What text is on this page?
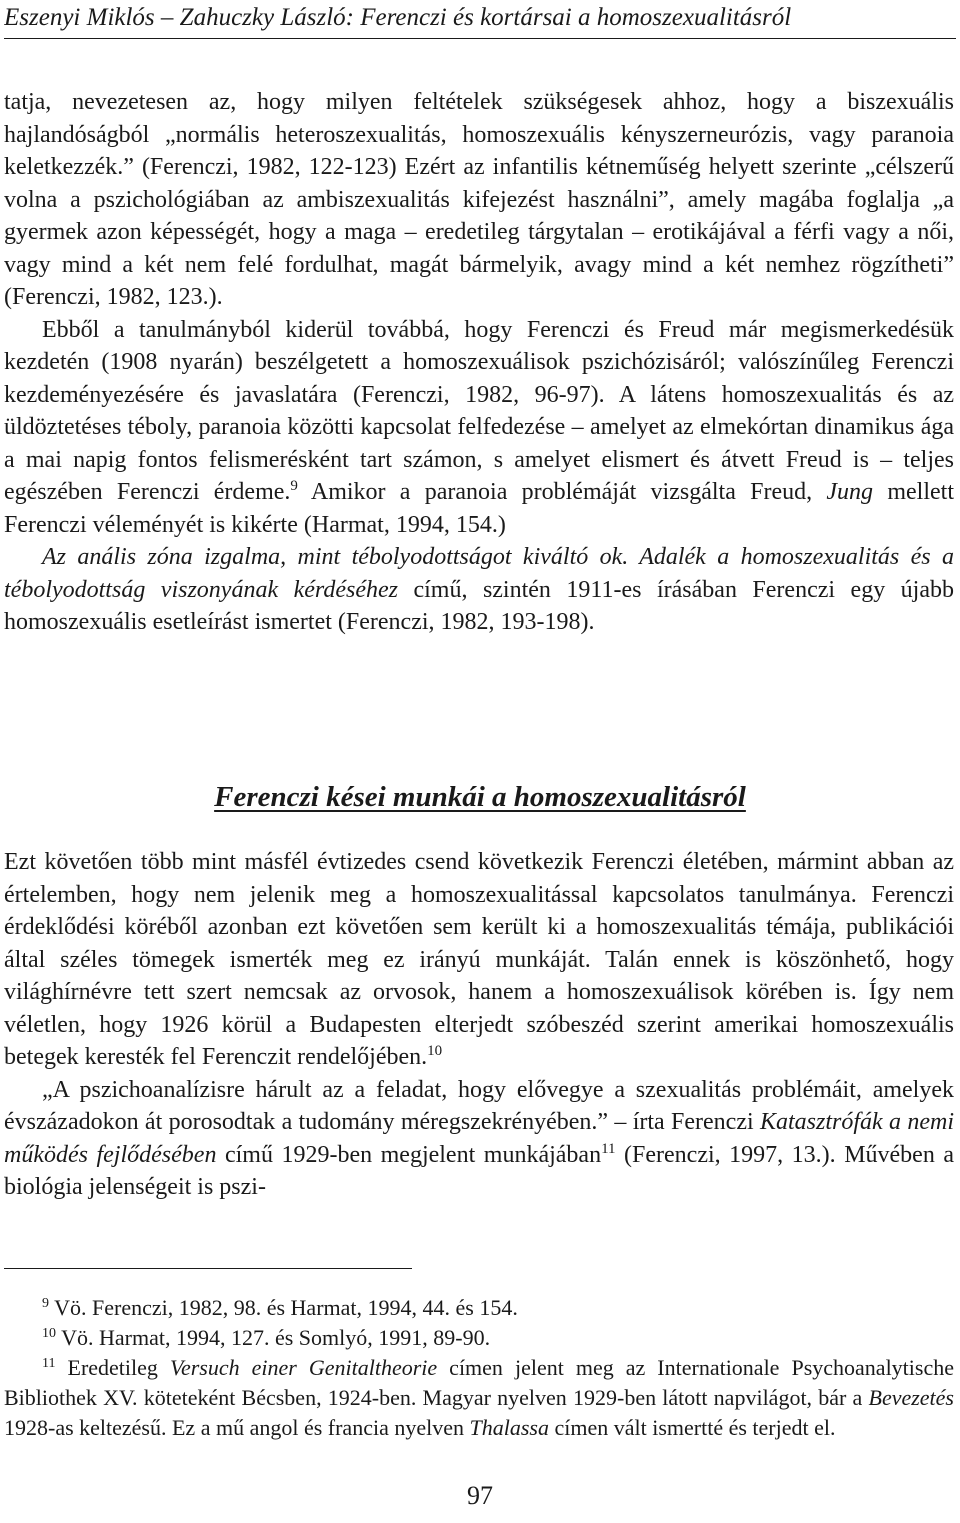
Eszenyi Miklós – Zahuczky László: Ferenczi és kortársai a homoszexualitásról

tatja, nevezetesen az, hogy milyen feltételek szükségesek ahhoz, hogy a biszexuális hajlandóságból „normális heteroszexualitás, homoszexuális kényszerneurózis, vagy paranoia keletkezzék.” (Ferenczi, 1982, 122-123) Ezért az infantilis kétneműség helyett szerinte „célszerű volna a pszichológiában az ambiszexualitás kifejezést használni”, amely magába foglalja „a gyermek azon képességét, hogy a maga – eredetileg tárgytalan – erotikájával a férfi vagy a női, vagy mind a két nem felé fordulhat, magát bármelyik, avagy mind a két nemhez rögzítheti” (Ferenczi, 1982, 123.).

Ebből a tanulmányból kiderül továbbá, hogy Ferenczi és Freud már megismerkedésük kezdetén (1908 nyarán) beszélgetett a homoszexuálisok pszichózisáról; valószínűleg Ferenczi kezdeményezésére és javaslatára (Ferenczi, 1982, 96-97). A látens homoszexualitás és az üldöztetéses téboly, paranoia közötti kapcsolat felfedezése – amelyet az elmekórtan dinamikus ága a mai napig fontos felismerésként tart számon, s amelyet elismert és átvett Freud is – teljes egészében Ferenczi érdeme.$^9$ Amikor a paranoia problémáját vizsgálta Freud, Jung mellett Ferenczi véleményét is kikérte (Harmat, 1994, 154.)

Az anális zóna izgalma, mint tébolyodottságot kiváltó ok. Adalék a homoszexualitás és a tébolyodottság viszonyának kérdéséhez című, szintén 1911-es írásában Ferenczi egy újabb homoszexuális esetleírást ismertet (Ferenczi, 1982, 193-198).

Ferenczi kései munkái a homoszexualitásról

Ezt követően több mint másfél évtizedes csend következik Ferenczi életében, mármint abban az értelemben, hogy nem jelenik meg a homoszexualitással kapcsolatos tanulmánya. Ferenczi érdeklődési köréből azonban ezt követően sem került ki a homoszexualitás témája, publikációi által széles tömegek ismerték meg ez irányú munkáját. Talán ennek is köszönhető, hogy világhírnévre tett szert nemcsak az orvosok, hanem a homoszexuálisok körében is. Így nem véletlen, hogy 1926 körül a Budapesten elterjedt szóbeszéd szerint amerikai homoszexuális betegek keresték fel Ferenczit rendelőjében.$^{10}$

„A pszichoanalízisre hárult az a feladat, hogy elővegye a szexualitás problémáit, amelyek évszázadokon át porosodtak a tudomány méregszekrényében.” – írta Ferenczi Katasztrófák a nemi működés fejlődésében című 1929-ben megjelent munkájában$^{11}$ (Ferenczi, 1997, 13.). Művében a biológia jelenségeit is pszi-

$^9$ Vö. Ferenczi, 1982, 98. és Harmat, 1994, 44. és 154.

$^{10}$ Vö. Harmat, 1994, 127. és Somlyó, 1991, 89-90.

$^{11}$ Eredetileg Versuch einer Genitaltheorie címen jelent meg az Internationale Psychoanalytische Bibliothek XV. köteteként Bécsben, 1924-ben. Magyar nyelven 1929-ben látott napvilágot, bár a Bevezetés 1928-as keltezésű. Ez a mű angol és francia nyelven Thalassa címen vált ismertté és terjedt el.

97
